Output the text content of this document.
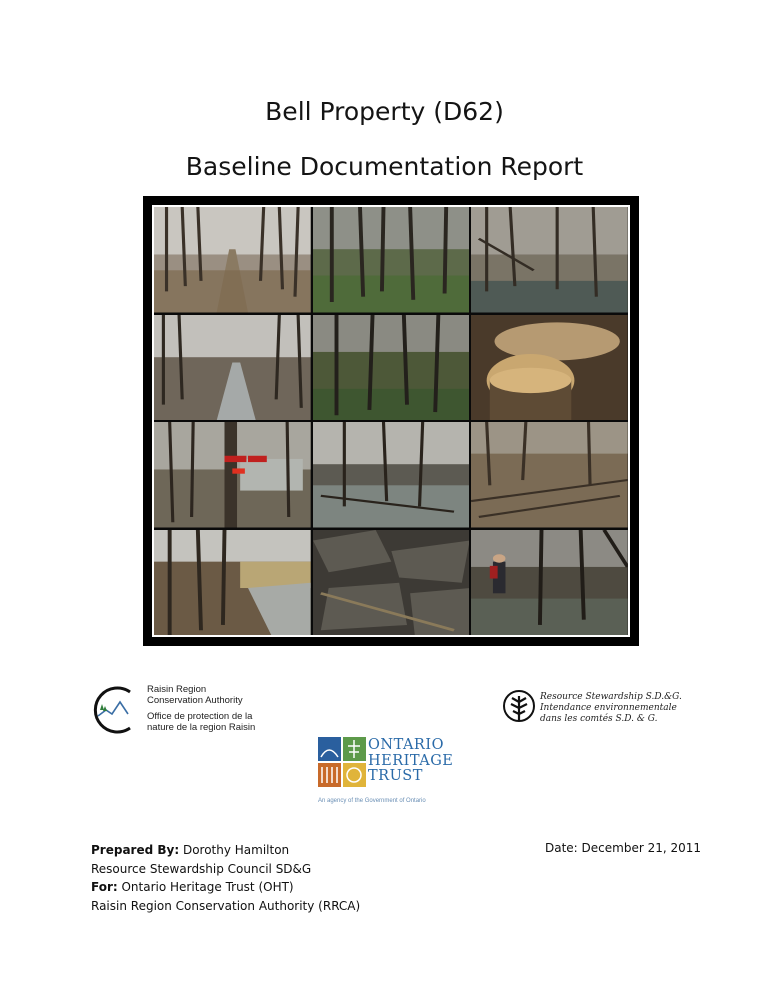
Bell Property (D62)
Baseline Documentation Report
Raisin Region
Conservation Authority
Office de protection de la
nature de la region Raisin
Resource Stewardship S.D.&G.
Intendance environnementale
dans les comtés S.D. & G.
ONTARIO
HERITAGE
TRUST
An agency of the Government of Ontario
Prepared By: Dorothy Hamilton
Resource Stewardship Council SD&G
For: Ontario Heritage Trust (OHT)
Raisin Region Conservation Authority (RRCA)
Date: December 21, 2011
